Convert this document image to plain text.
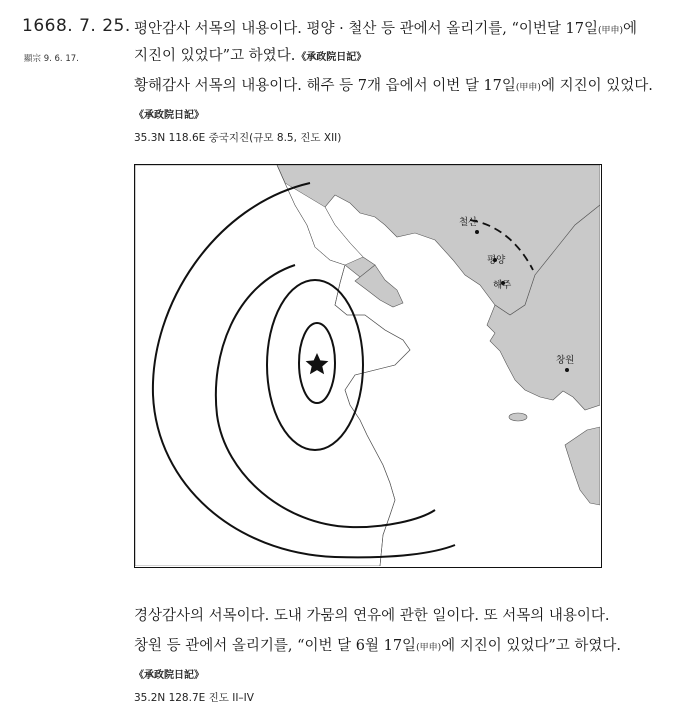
1668. 7. 25.
顯宗 9. 6. 17.
평안감사 서목의 내용이다. 평양 · 철산 등 관에서 올리기를, “이번달 17일(甲申)에
지진이 있었다”고 하였다.《承政院日記》
황해감사 서목의 내용이다. 해주 등 7개 읍에서 이번 달 17일(甲申)에 지진이 있었다.
《承政院日記》
35.3N 118.6E 중국지진(규모 8.5, 진도 XII)
경상감사의 서목이다. 도내 가뭄의 연유에 관한 일이다. 또 서목의 내용이다.
창원 등 관에서 올리기를, “이번 달 6월 17일(甲申)에 지진이 있었다”고 하였다.
《承政院日記》
35.2N 128.7E 진도 II–IV
철산
평양
해주
창원
